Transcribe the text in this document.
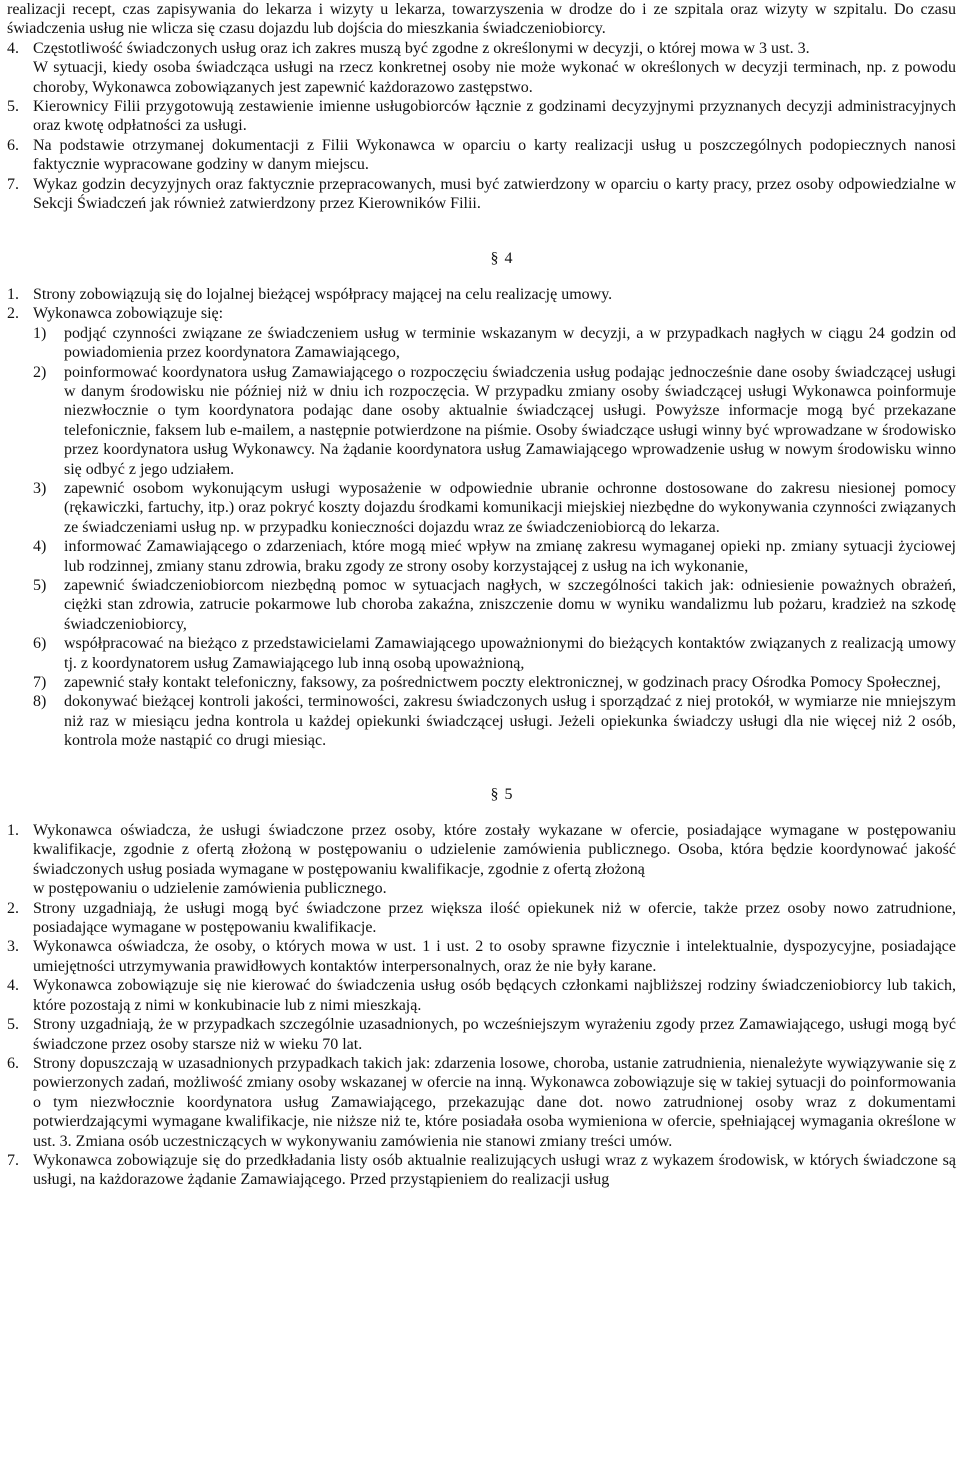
realizacji recept, czas zapisywania do lekarza i wizyty u lekarza, towarzyszenia w drodze do i ze szpitala oraz wizyty w szpitalu. Do czasu świadczenia usług nie wlicza się czasu dojazdu lub dojścia do mieszkania świadczeniobiorcy.

4. Częstotliwość świadczonych usług oraz ich zakres muszą być zgodne z określonymi w decyzji, o której mowa w 3 ust. 3.

W sytuacji, kiedy osoba świadcząca usługi na rzecz konkretnej osoby nie może wykonać w określonych w decyzji terminach, np. z powodu choroby, Wykonawca zobowiązanych jest zapewnić każdorazowo zastępstwo.

5. Kierownicy Filii przygotowują zestawienie imienne usługobiorców łącznie z godzinami decyzyjnymi przyznanych decyzji administracyjnych oraz kwotę odpłatności za usługi.

6. Na podstawie otrzymanej dokumentacji z Filii Wykonawca w oparciu o karty realizacji usług u poszczególnych podopiecznych nanosi faktycznie wypracowane godziny w danym miejscu.

7. Wykaz godzin decyzyjnych oraz faktycznie przepracowanych, musi być zatwierdzony w oparciu o karty pracy, przez osoby odpowiedzialne w Sekcji Świadczeń jak również zatwierdzony przez Kierowników Filii.

§ 4

1. Strony zobowiązują się do lojalnej bieżącej współpracy mającej na celu realizację umowy.

2. Wykonawca zobowiązuje się:

1) podjąć czynności związane ze świadczeniem usług w terminie wskazanym w decyzji, a w przypadkach nagłych w ciągu 24 godzin od powiadomienia przez koordynatora Zamawiającego,

2) poinformować koordynatora usług Zamawiającego o rozpoczęciu świadczenia usług podając jednocześnie dane osoby świadczącej usługi w danym środowisku nie później niż w dniu ich rozpoczęcia. W przypadku zmiany osoby świadczącej usługi Wykonawca poinformuje niezwłocznie o tym koordynatora podając dane osoby aktualnie świadczącej usługi. Powyższe informacje mogą być przekazane telefonicznie, faksem lub e-mailem, a następnie potwierdzone na piśmie. Osoby świadczące usługi winny być wprowadzane w środowisko przez koordynatora usług Wykonawcy. Na żądanie koordynatora usług Zamawiającego wprowadzenie usług w nowym środowisku winno się odbyć z jego udziałem.

3) zapewnić osobom wykonującym usługi wyposażenie w odpowiednie ubranie ochronne dostosowane do zakresu niesionej pomocy (rękawiczki, fartuchy, itp.) oraz pokryć koszty dojazdu środkami komunikacji miejskiej niezbędne do wykonywania czynności związanych ze świadczeniami usług np. w przypadku konieczności dojazdu wraz ze świadczeniobiorcą do lekarza.

4) informować Zamawiającego o zdarzeniach, które mogą mieć wpływ na zmianę zakresu wymaganej opieki np. zmiany sytuacji życiowej lub rodzinnej, zmiany stanu zdrowia, braku zgody ze strony osoby korzystającej z usług na ich wykonanie,

5) zapewnić świadczeniobiorcom niezbędną pomoc w sytuacjach nagłych, w szczególności takich jak: odniesienie poważnych obrażeń, ciężki stan zdrowia, zatrucie pokarmowe lub choroba zakaźna, zniszczenie domu w wyniku wandalizmu lub pożaru, kradzież na szkodę świadczeniobiorcy,

6) współpracować na bieżąco z przedstawicielami Zamawiającego upoważnionymi do bieżących kontaktów związanych z realizacją umowy tj. z koordynatorem usług Zamawiającego lub inną osobą upoważnioną,

7) zapewnić stały kontakt telefoniczny, faksowy, za pośrednictwem poczty elektronicznej, w godzinach pracy Ośrodka Pomocy Społecznej,

8) dokonywać bieżącej kontroli jakości, terminowości, zakresu świadczonych usług i sporządzać z niej protokół, w wymiarze nie mniejszym niż raz w miesiącu jedna kontrola u każdej opiekunki świadczącej usługi. Jeżeli opiekunka świadczy usługi dla nie więcej niż 2 osób, kontrola może nastąpić co drugi miesiąc.

§ 5

1. Wykonawca oświadcza, że usługi świadczone przez osoby, które zostały wykazane w ofercie, posiadające wymagane w postępowaniu kwalifikacje, zgodnie z ofertą złożoną w postępowaniu o udzielenie zamówienia publicznego. Osoba, która będzie koordynować jakość świadczonych usług posiada wymagane w postępowaniu kwalifikacje, zgodnie z ofertą złożoną
w postępowaniu o udzielenie zamówienia publicznego.

2. Strony uzgadniają, że usługi mogą być świadczone przez większa ilość opiekunek niż w ofercie, także przez osoby nowo zatrudnione, posiadające wymagane w postępowaniu kwalifikacje.

3. Wykonawca oświadcza, że osoby, o których mowa w ust. 1 i ust. 2 to osoby sprawne fizycznie i intelektualnie, dyspozycyjne, posiadające umiejętności utrzymywania prawidłowych kontaktów interpersonalnych, oraz że nie były karane.

4. Wykonawca zobowiązuje się nie kierować do świadczenia usług osób będących członkami najbliższej rodziny świadczeniobiorcy lub takich, które pozostają z nimi w konkubinacie lub z nimi mieszkają.

5. Strony uzgadniają, że w przypadkach szczególnie uzasadnionych, po wcześniejszym wyrażeniu zgody przez Zamawiającego, usługi mogą być świadczone przez osoby starsze niż w wieku 70 lat.

6. Strony dopuszczają w uzasadnionych przypadkach takich jak: zdarzenia losowe, choroba, ustanie zatrudnienia, nienależyte wywiązywanie się z powierzonych zadań, możliwość zmiany osoby wskazanej w ofercie na inną. Wykonawca zobowiązuje się w takiej sytuacji do poinformowania o tym niezwłocznie koordynatora usług Zamawiającego, przekazując dane dot. nowo zatrudnionej osoby wraz z dokumentami potwierdzającymi wymagane kwalifikacje, nie niższe niż te, które posiadała osoba wymieniona w ofercie, spełniającej wymagania określone w ust. 3. Zmiana osób uczestniczących w wykonywaniu zamówienia nie stanowi zmiany treści umów.

7. Wykonawca zobowiązuje się do przedkładania listy osób aktualnie realizujących usługi wraz z wykazem środowisk, w których świadczone są usługi, na każdorazowe żądanie Zamawiającego. Przed przystąpieniem do realizacji usług
